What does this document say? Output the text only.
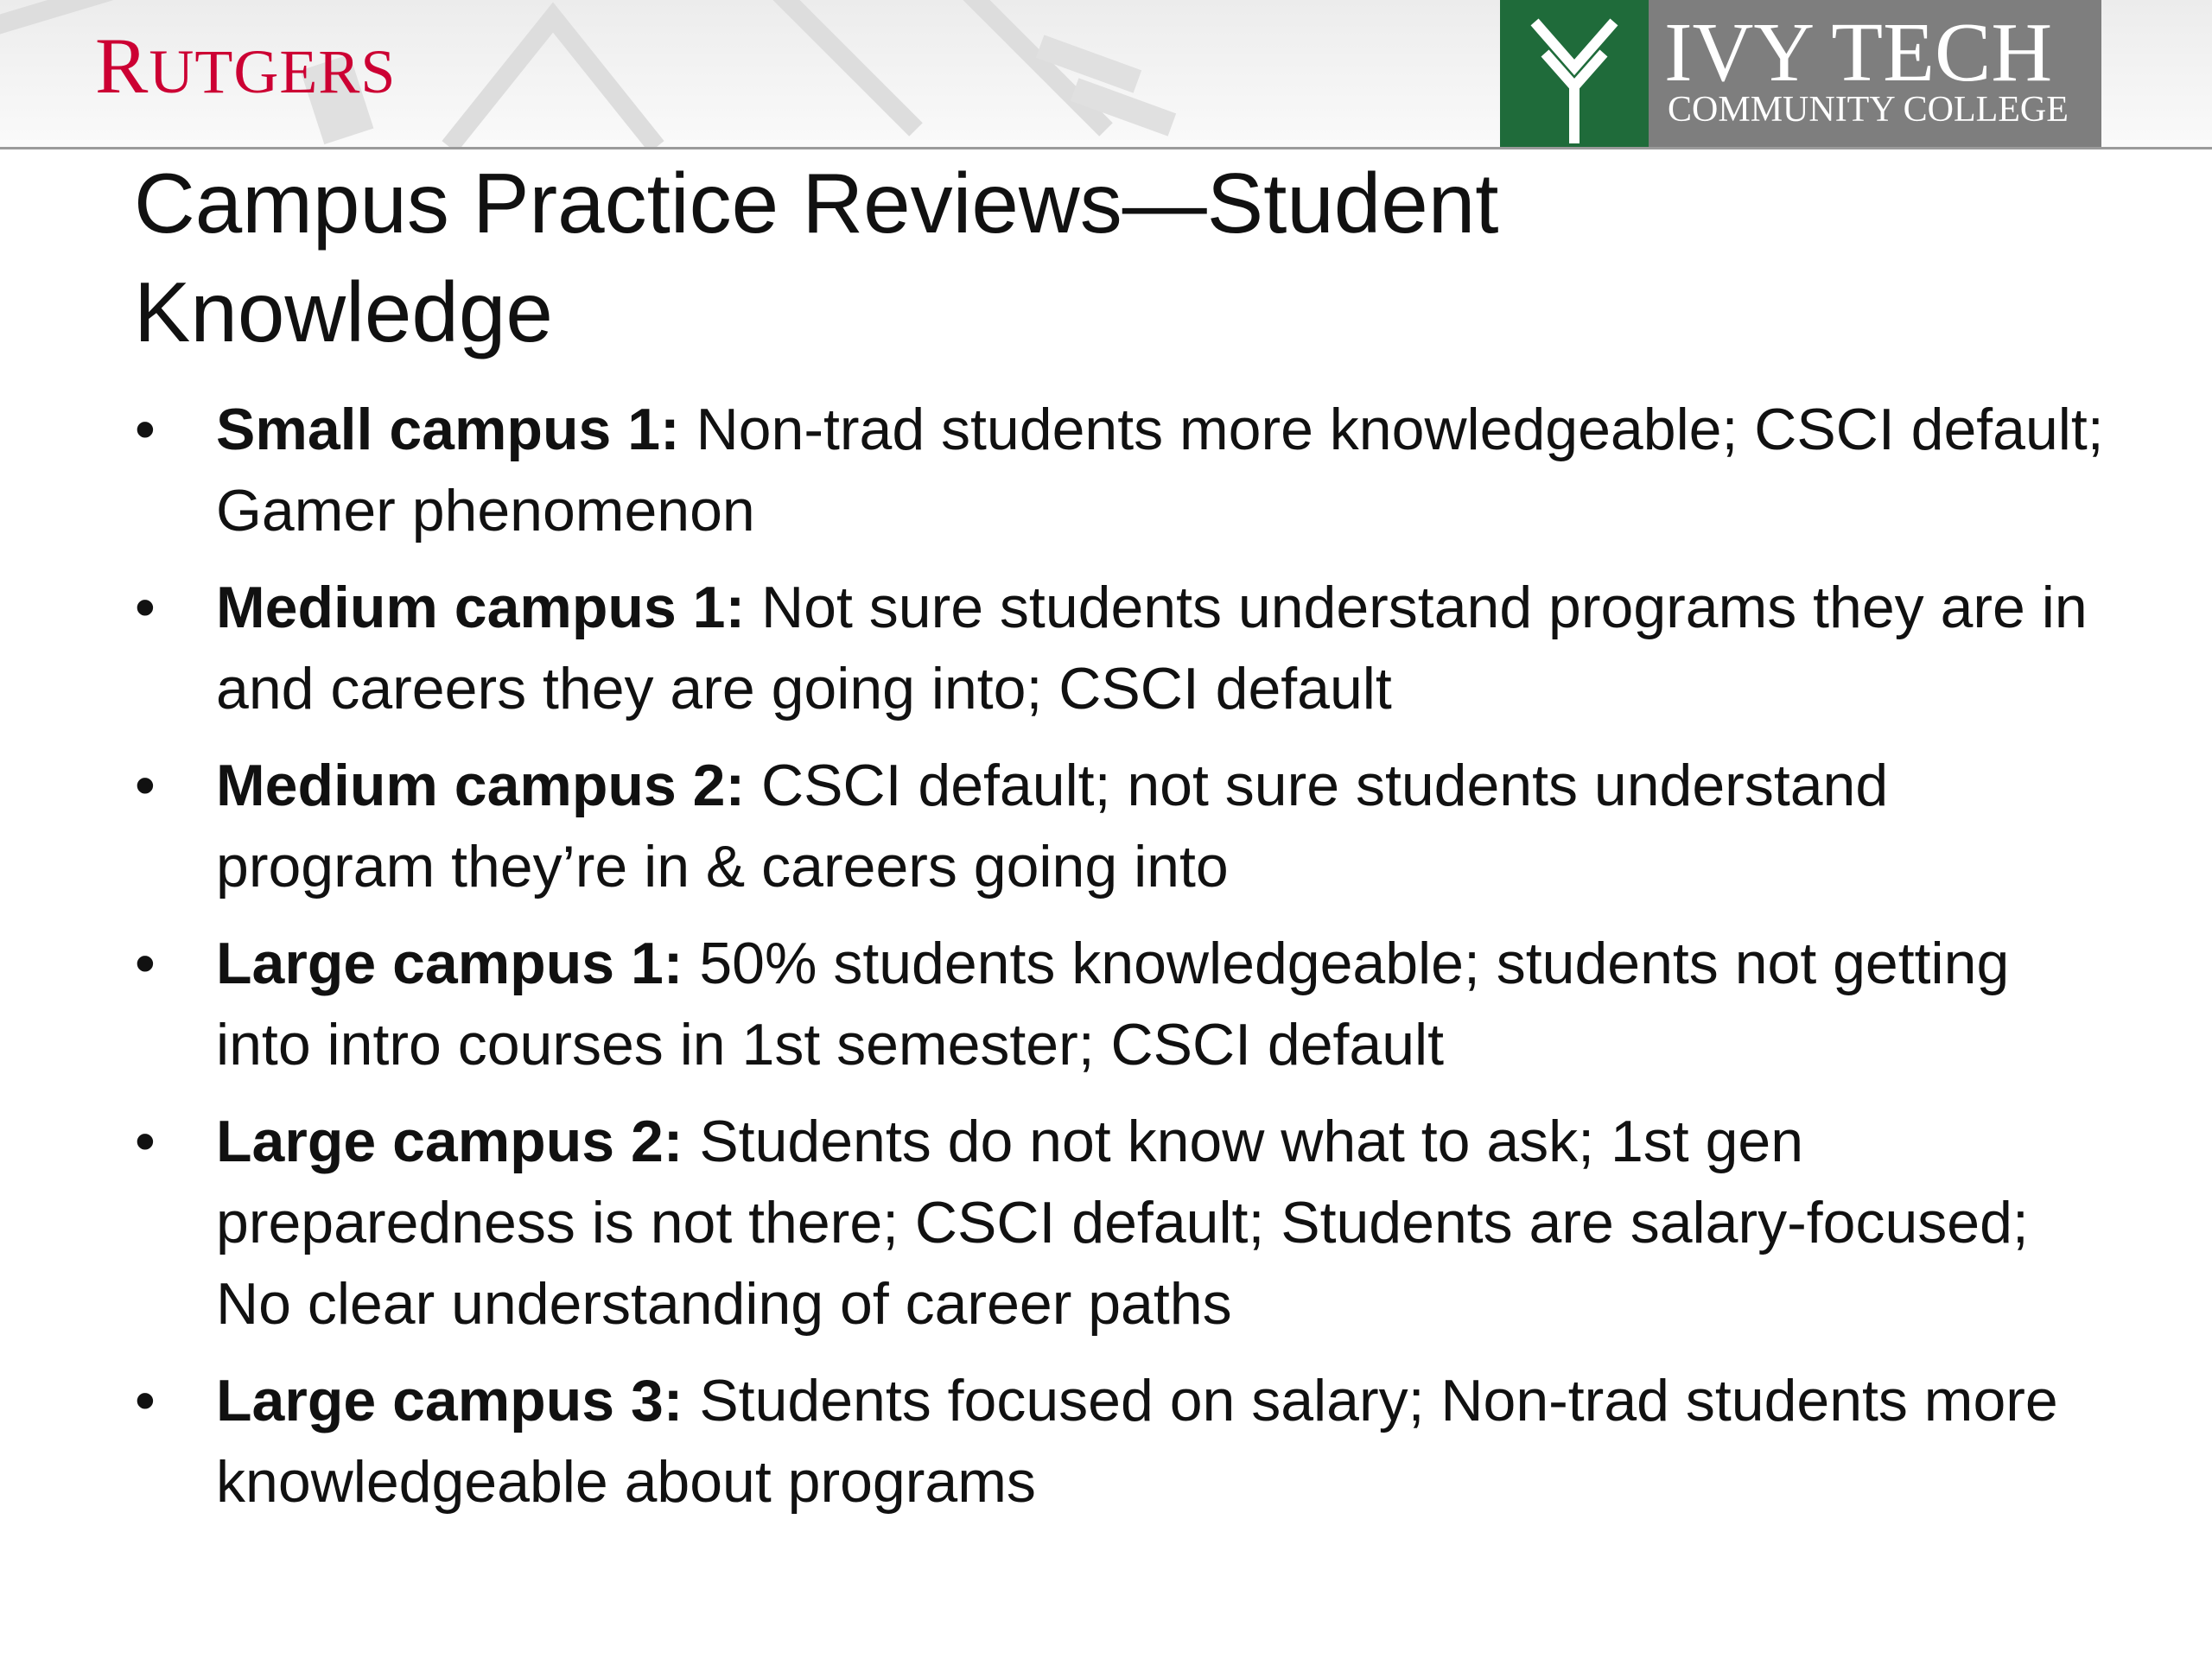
R
UTGERS	IVY TECH
COMMUNITY COLLEGE
Campus Practice Reviews—Student
Knowledge
• Small campus 1: Non-trad students more knowledgeable; CSCI default; Gamer phenomenon
• Medium campus 1: Not sure students understand programs they are in and careers they are going into; CSCI default
• Medium campus 2: CSCI default; not sure students understand program they’re in & careers going into
• Large campus 1: 50% students knowledgeable; students not getting into intro courses in 1st semester; CSCI default
• Large campus 2: Students do not know what to ask; 1st gen preparedness is not there; CSCI default; Students are salary-focused; No clear understanding of career paths
• Large campus 3: Students focused on salary; Non-trad students more knowledgeable about programs
